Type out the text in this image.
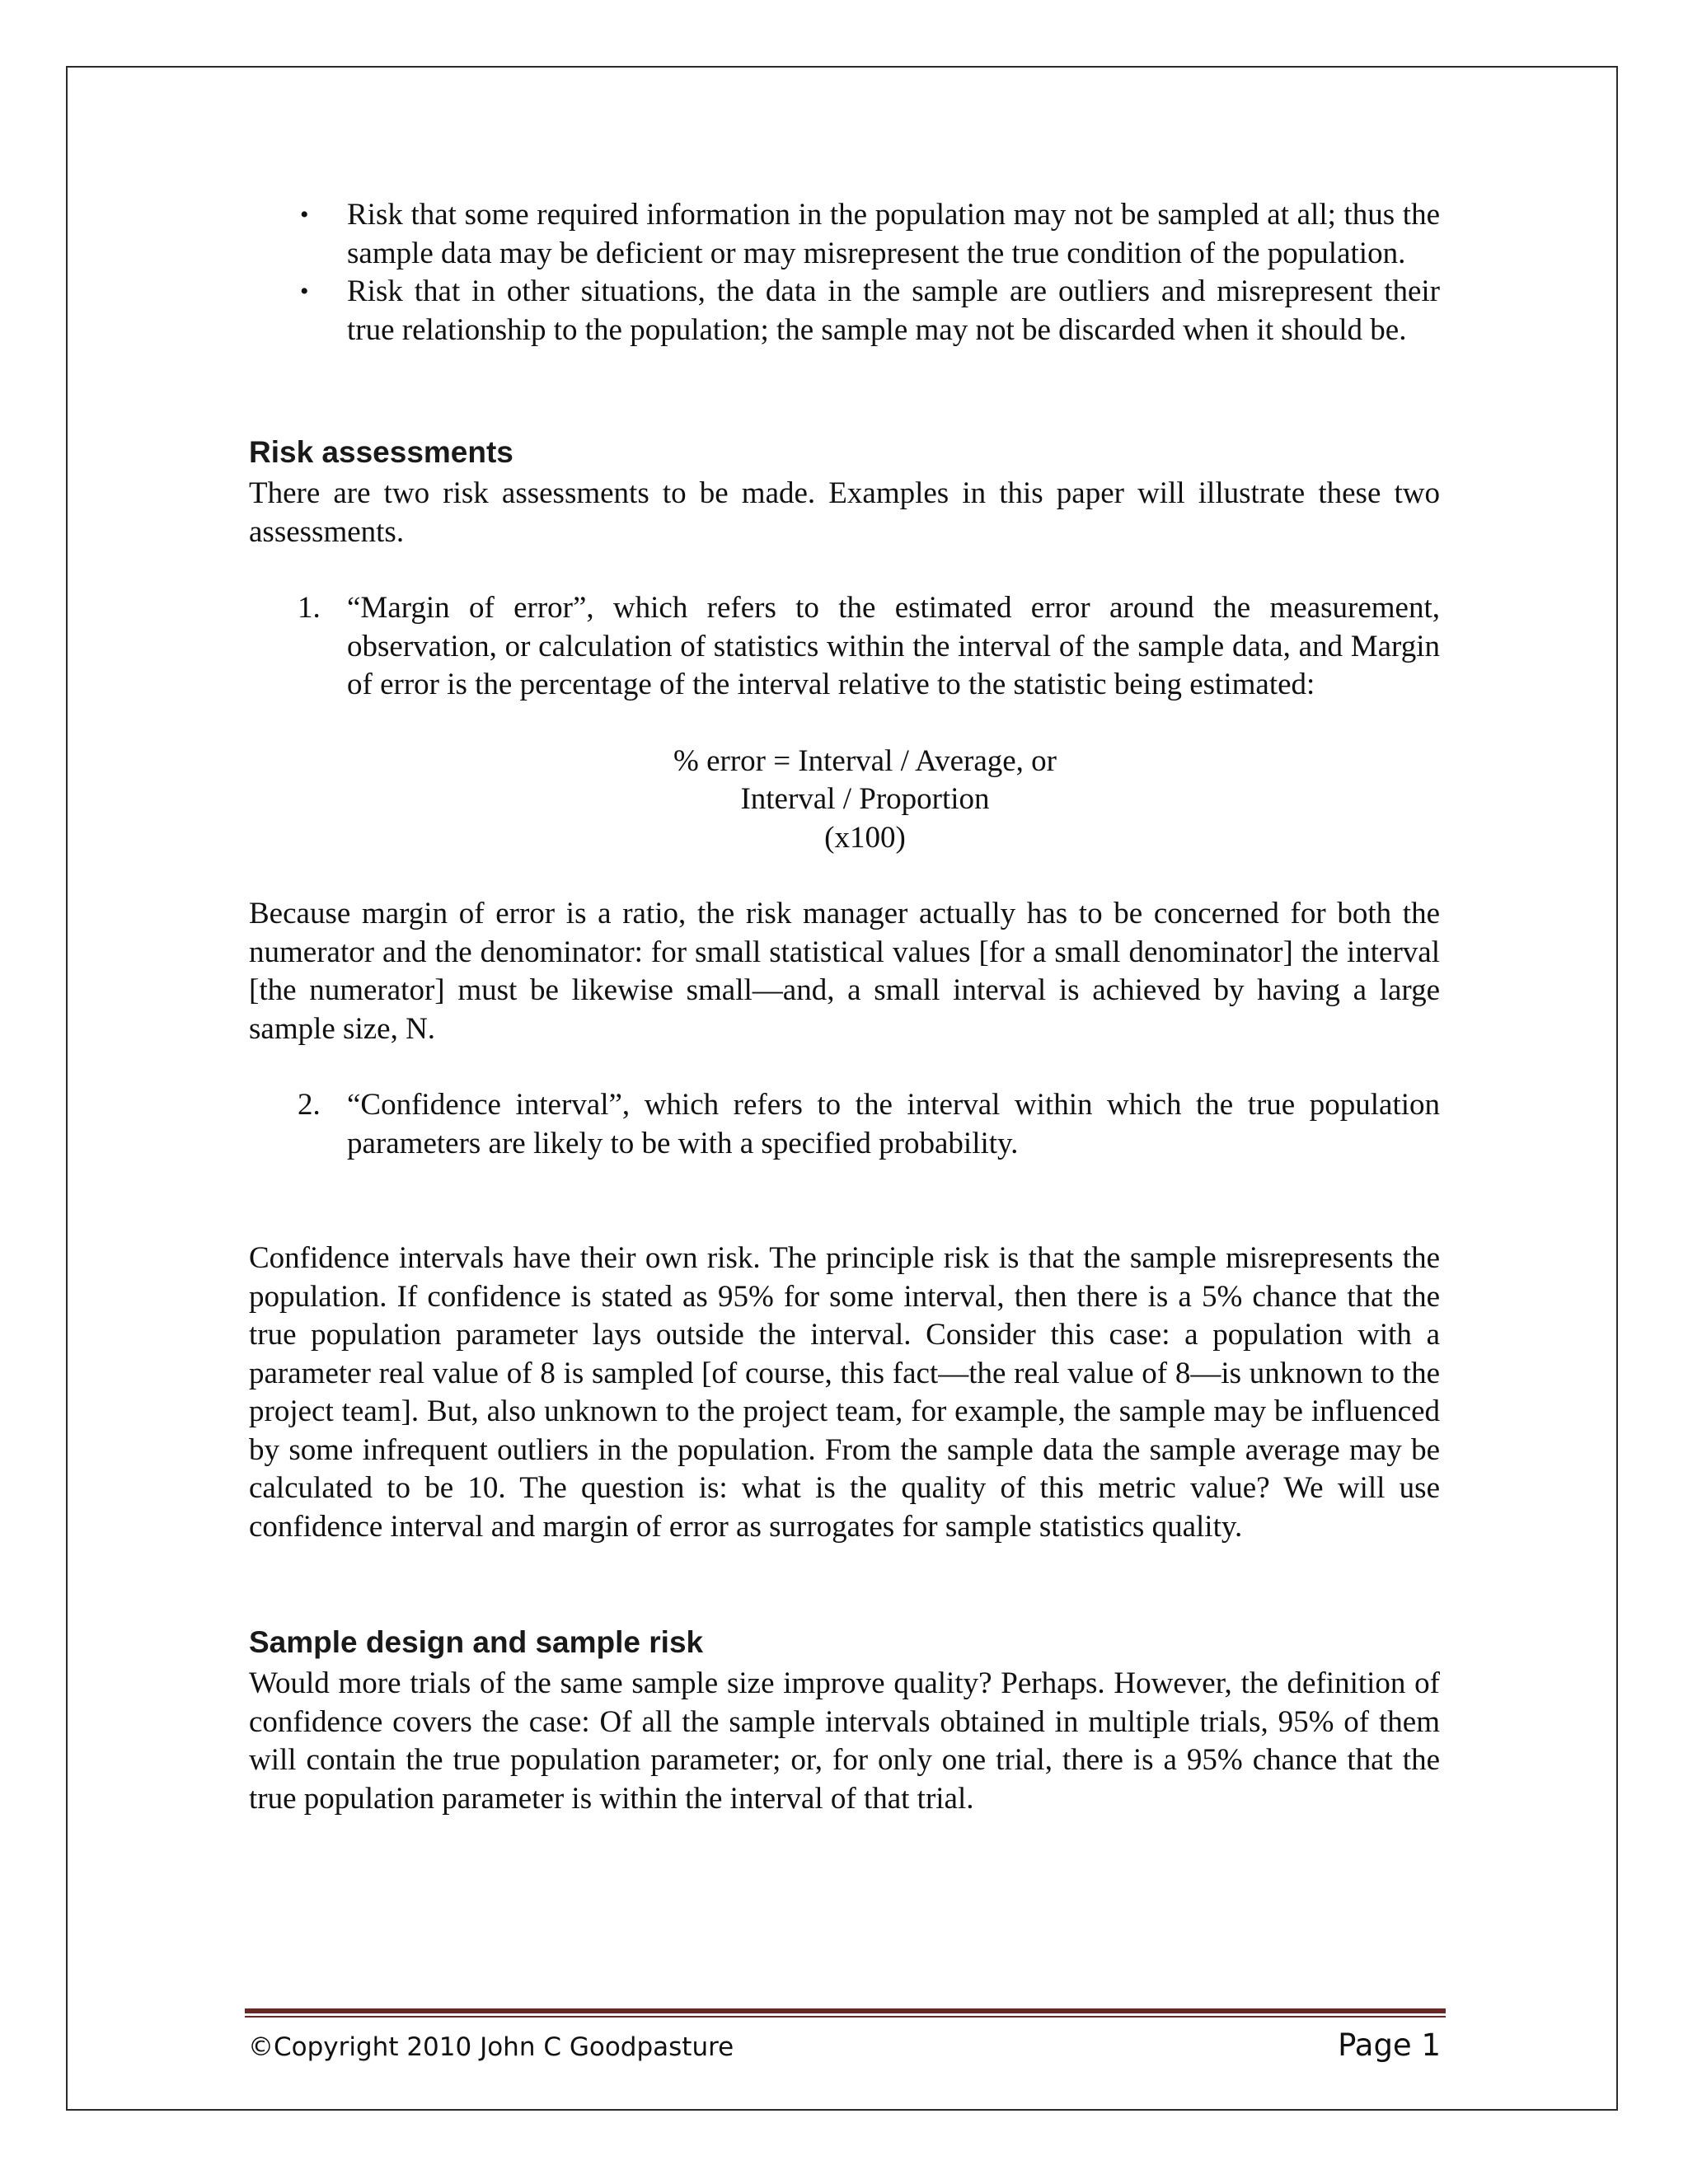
• Risk that some required information in the population may not be sampled at all; thus the sample data may be deficient or may misrepresent the true condition of the population.
• Risk that in other situations, the data in the sample are outliers and misrepresent their true relationship to the population; the sample may not be discarded when it should be.
Risk assessments

There are two risk assessments to be made. Examples in this paper will illustrate these two assessments.

1. “Margin of error”, which refers to the estimated error around the measurement, observation, or calculation of statistics within the interval of the sample data, and Margin of error is the percentage of the interval relative to the statistic being estimated:

% error = Interval / Average, or

Interval / Proportion

(x100)

Because margin of error is a ratio, the risk manager actually has to be concerned for both the numerator and the denominator: for small statistical values [for a small denominator] the interval [the numerator] must be likewise small—and, a small interval is achieved by having a large sample size, N.

2. “Confidence interval”, which refers to the interval within which the true population parameters are likely to be with a specified probability.

Confidence intervals have their own risk. The principle risk is that the sample misrepresents the population. If confidence is stated as 95% for some interval, then there is a 5% chance that the true population parameter lays outside the interval. Consider this case: a population with a parameter real value of 8 is sampled [of course, this fact—the real value of 8—is unknown to the project team]. But, also unknown to the project team, for example, the sample may be influenced by some infrequent outliers in the population. From the sample data the sample average may be calculated to be 10. The question is: what is the quality of this metric value? We will use confidence interval and margin of error as surrogates for sample statistics quality.

Sample design and sample risk

Would more trials of the same sample size improve quality? Perhaps. However, the definition of confidence covers the case: Of all the sample intervals obtained in multiple trials, 95% of them will contain the true population parameter; or, for only one trial, there is a 95% chance that the true population parameter is within the interval of that trial.

©Copyright 2010 John C Goodpasture	Page 1
